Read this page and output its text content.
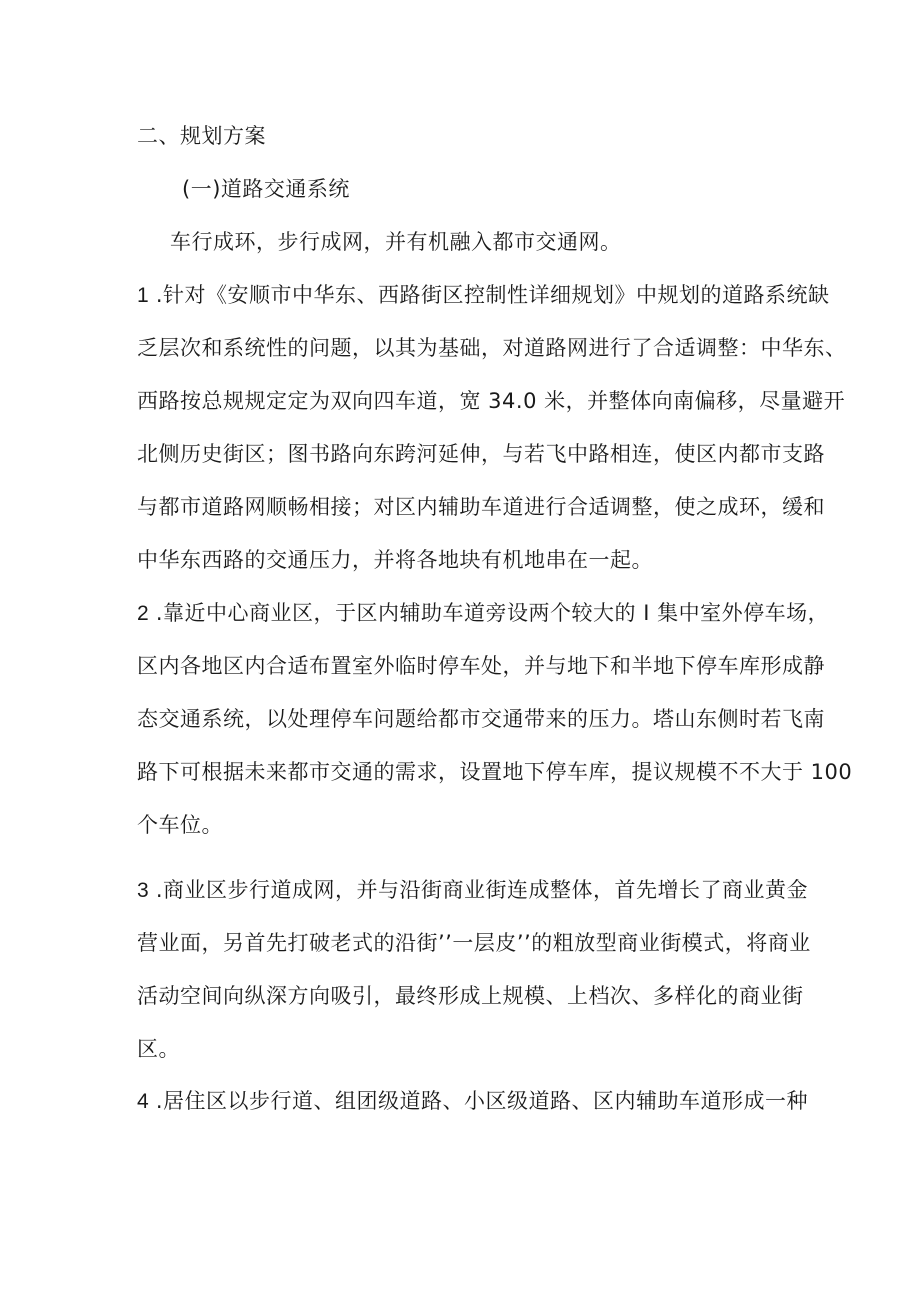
二、规划方案
(一)道路交通系统
车行成环，步行成网，并有机融入都市交通网。
1 .针对《安顺市中华东、西路街区控制性详细规划》中规划的道路系统缺
乏层次和系统性的问题，以其为基础，对道路网进行了合适调整：中华东、
西路按总规规定定为双向四车道，宽 34.0 米，并整体向南偏移，尽量避开
北侧历史街区；图书路向东跨河延伸，与若飞中路相连，使区内都市支路
与都市道路网顺畅相接；对区内辅助车道进行合适调整，使之成环，缓和
中华东西路的交通压力，并将各地块有机地串在一起。
2 .靠近中心商业区，于区内辅助车道旁设两个较大的 I 集中室外停车场，
区内各地区内合适布置室外临时停车处，并与地下和半地下停车库形成静
态交通系统，以处理停车问题给都市交通带来的压力。塔山东侧时若飞南
路下可根据未来都市交通的需求，设置地下停车库，提议规模不不大于 100
个车位。
3 .商业区步行道成网，并与沿街商业街连成整体，首先增长了商业黄金
营业面，另首先打破老式的沿街’’一层皮’’的粗放型商业街模式，将商业
活动空间向纵深方向吸引，最终形成上规模、上档次、多样化的商业街
区。
4 .居住区以步行道、组团级道路、小区级道路、区内辅助车道形成一种
